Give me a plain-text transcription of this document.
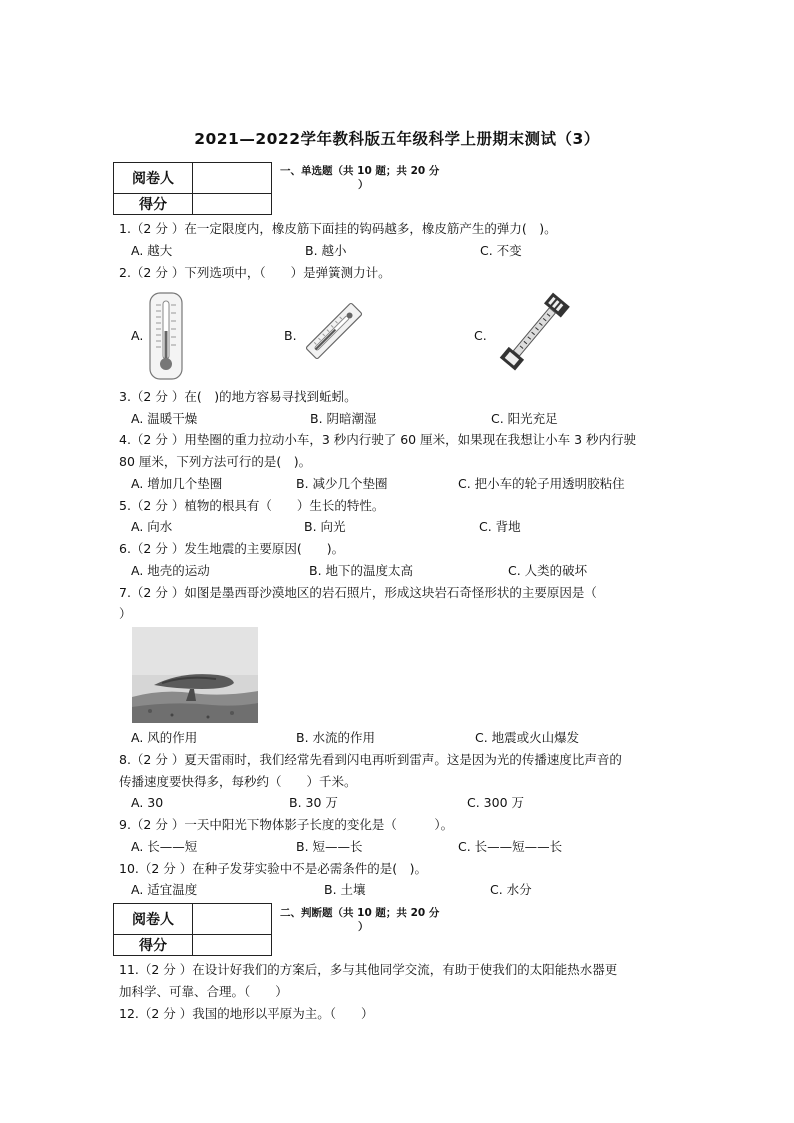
2021—2022学年教科版五年级科学上册期末测试（3）
阅卷人	
得分	
一、单选题（共 10 题；共 20 分
）
1.（2 分 ）在一定限度内，橡皮筋下面挂的钩码越多，橡皮筋产生的弹力(　)。
A. 越大	B. 越小	C. 不变
2.（2 分 ）下列选项中，（　　）是弹簧测力计。
A.	B.	C.
3.（2 分 ）在(　)的地方容易寻找到蚯蚓。
A. 温暖干燥	B. 阴暗潮湿	C. 阳光充足
4.（2 分 ）用垫圈的重力拉动小车，3 秒内行驶了 60 厘米，如果现在我想让小车 3 秒内行驶
80 厘米，下列方法可行的是(　)。
A. 增加几个垫圈	B. 减少几个垫圈	C. 把小车的轮子用透明胶粘住
5.（2 分 ）植物的根具有（　　）生长的特性。
A. 向水	B. 向光	C. 背地
6.（2 分 ）发生地震的主要原因(　　)。
A. 地壳的运动	B. 地下的温度太高	C. 人类的破坏
7.（2 分 ）如图是墨西哥沙漠地区的岩石照片，形成这块岩石奇怪形状的主要原因是（
）
A. 风的作用	B. 水流的作用	C. 地震或火山爆发
8.（2 分 ）夏天雷雨时，我们经常先看到闪电再听到雷声。这是因为光的传播速度比声音的
传播速度要快得多，每秒约（　　）千米。
A. 30	B. 30 万	C. 300 万
9.（2 分 ）一天中阳光下物体影子长度的变化是（　　　）。
A. 长——短	B. 短——长	C. 长——短——长
10.（2 分 ）在种子发芽实验中不是必需条件的是(　)。
A. 适宜温度	B. 土壤	C. 水分
阅卷人	
得分	
二、判断题（共 10 题；共 20 分
）
11.（2 分 ）在设计好我们的方案后，多与其他同学交流，有助于使我们的太阳能热水器更
加科学、可靠、合理。（　　）
12.（2 分 ）我国的地形以平原为主。（　　）
